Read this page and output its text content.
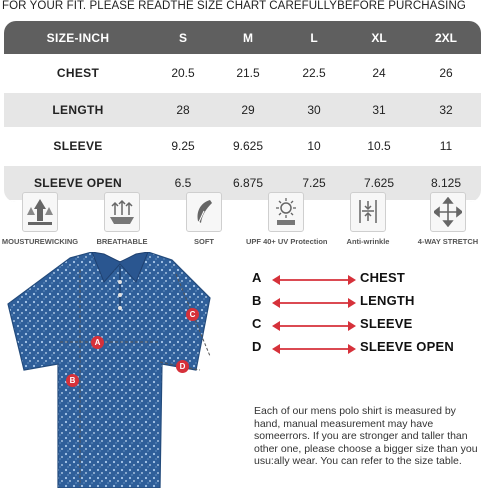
FOR YOUR FIT. PLEASE READTHE SIZE CHART CAREFULLYBEFORE PURCHASING
SIZE-INCH	S	M	L	XL	2XL
CHEST	20.5	21.5	22.5	24	26
LENGTH	28	29	30	31	32
SLEEVE	9.25	9.625	10	10.5	11
SLEEVE OPEN	6.5	6.875	7.25	7.625	8.125
MOUSTUREWICKING	BREATHABLE	SOFT	UPF 40+ UV Protection	Anti-wrinkle	4-WAY STRETCH
A
B
C
D
A	CHEST
B	LENGTH
C	SLEEVE
D	SLEEVE OPEN
Each of our mens polo shirt is measured by hand, manual measurement may have someerrors. If you are stronger and taller than other one, please choose a bigger size than you usu:ally wear. You can refer to the size table.
